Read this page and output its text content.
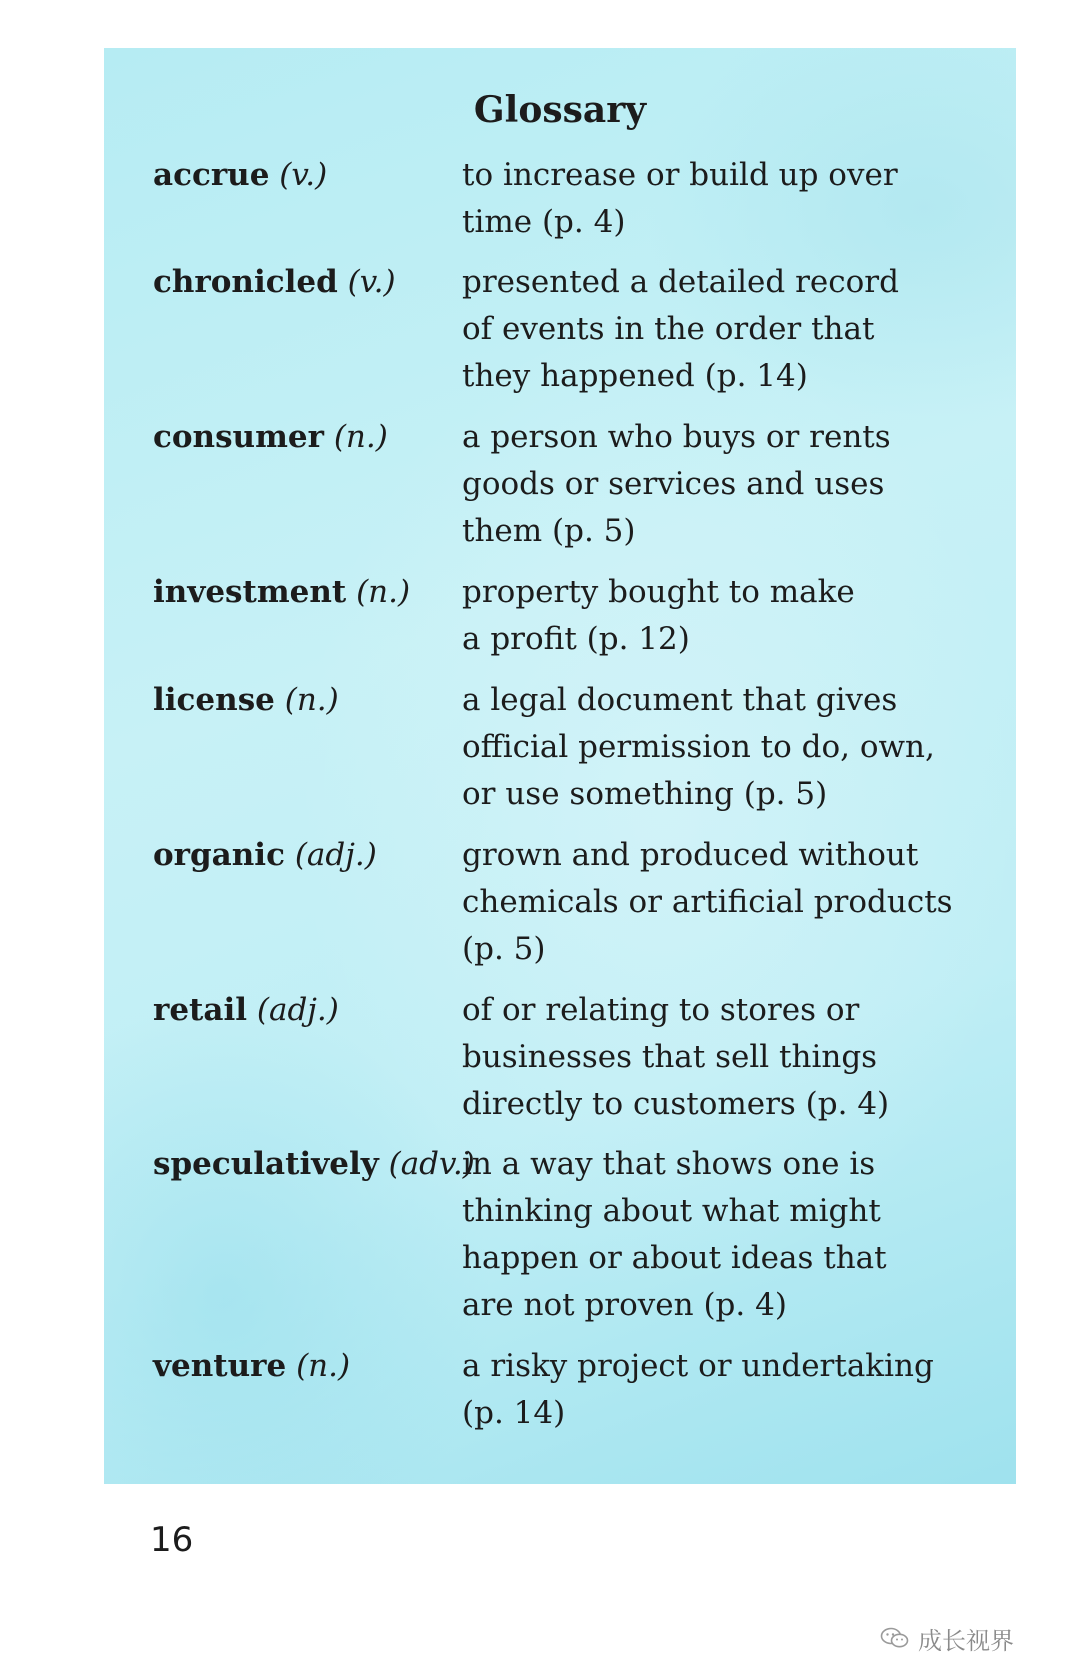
Glossary
accrue (v.)	to increase or build up over
time (p. 4)
chronicled (v.) presented a detailed record
of events in the order that
they happened (p. 14)
consumer (n.) a person who buys or rents
goods or services and uses
them (p. 5)
investment (n.) property bought to make
a profit (p. 12)
license (n.)	a legal document that gives
official permission to do, own,
or use something (p. 5)
organic (adj.)	grown and produced without
chemicals or artificial products
(p. 5)
retail (adj.)	of or relating to stores or
businesses that sell things
directly to customers (p. 4)
speculatively (adv.)
in a way that shows one is
thinking about what might
happen or about ideas that
are not proven (p. 4)
venture (n.)	a risky project or undertaking
(p. 14)
16
成长视界
